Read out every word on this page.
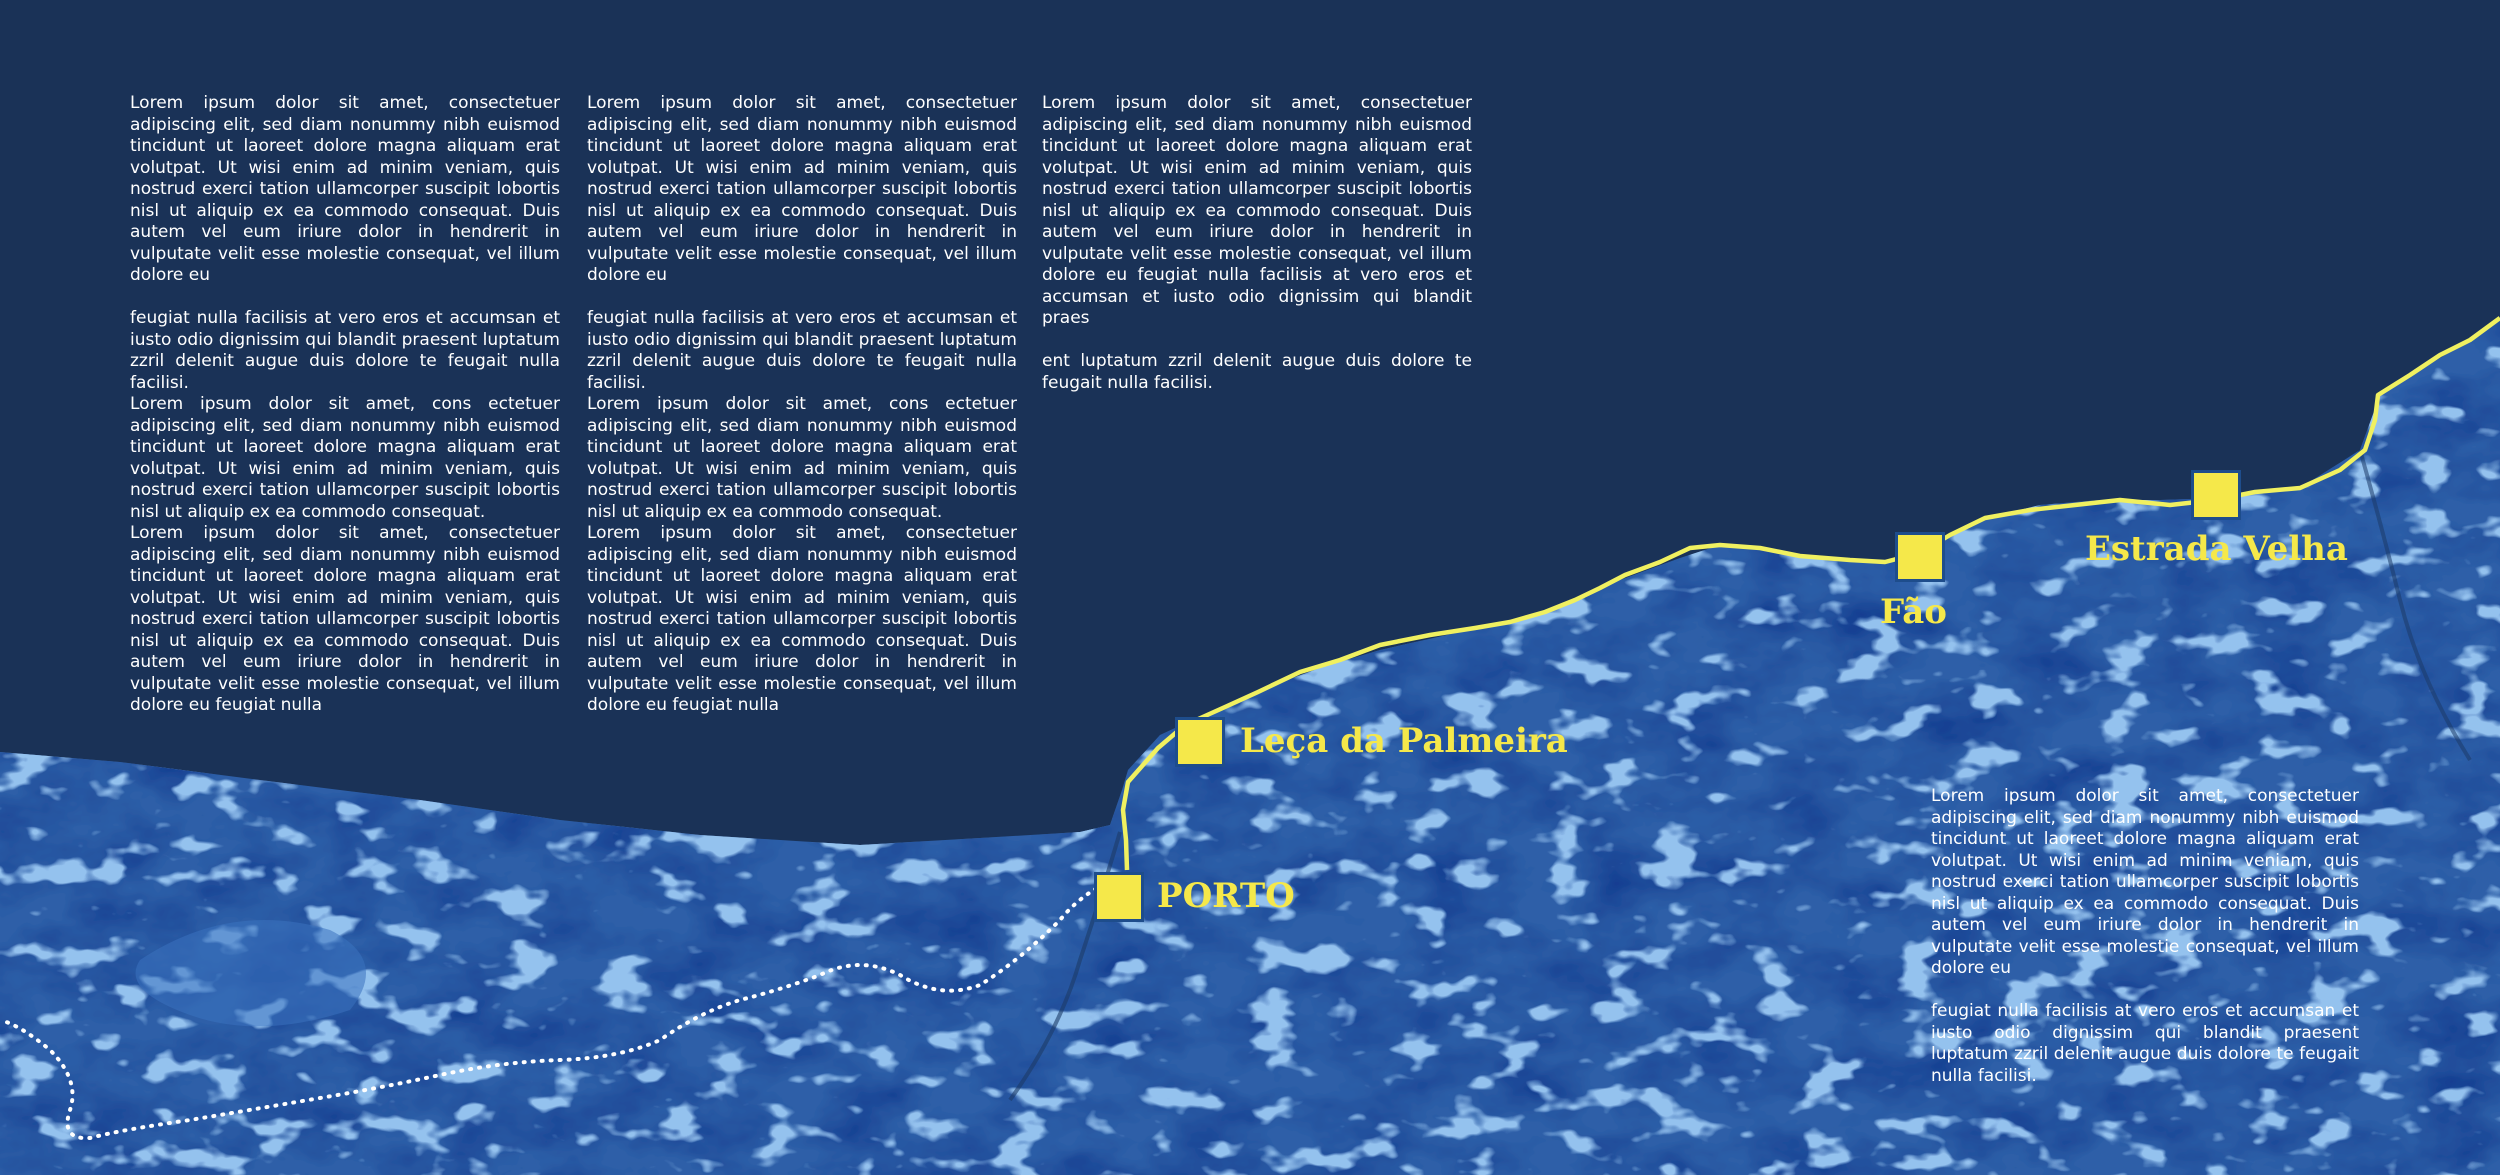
Lorem ipsum dolor sit amet, consectetuer adipiscing elit, sed diam nonummy nibh euismod tincidunt ut laoreet dolore magna aliquam erat volutpat. Ut wisi enim ad minim veniam, quis nostrud exerci tation ullamcorper suscipit lobortis nisl ut aliquip ex ea commodo consequat. Duis autem vel eum iriure dolor in hendrerit in vulputate velit esse molestie consequat, vel illum dolore eu

feugiat nulla facilisis at vero eros et accumsan et iusto odio dignissim qui blandit praesent luptatum zzril delenit augue duis dolore te feugait nulla facilisi.

Lorem ipsum dolor sit amet, cons ectetuer adipiscing elit, sed diam nonummy nibh euismod tincidunt ut laoreet dolore magna aliquam erat volutpat. Ut wisi enim ad minim veniam, quis nostrud exerci tation ullamcorper suscipit lobortis nisl ut aliquip ex ea commodo consequat.

Lorem ipsum dolor sit amet, consectetuer adipiscing elit, sed diam nonummy nibh euismod tincidunt ut laoreet dolore magna aliquam erat volutpat. Ut wisi enim ad minim veniam, quis nostrud exerci tation ullamcorper suscipit lobortis nisl ut aliquip ex ea commodo consequat. Duis autem vel eum iriure dolor in hendrerit in vulputate velit esse molestie consequat, vel illum dolore eu feugiat nulla

Lorem ipsum dolor sit amet, consectetuer adipiscing elit, sed diam nonummy nibh euismod tincidunt ut laoreet dolore magna aliquam erat volutpat. Ut wisi enim ad minim veniam, quis nostrud exerci tation ullamcorper suscipit lobortis nisl ut aliquip ex ea commodo consequat. Duis autem vel eum iriure dolor in hendrerit in vulputate velit esse molestie consequat, vel illum dolore eu

feugiat nulla facilisis at vero eros et accumsan et iusto odio dignissim qui blandit praesent luptatum zzril delenit augue duis dolore te feugait nulla facilisi.

Lorem ipsum dolor sit amet, cons ectetuer adipiscing elit, sed diam nonummy nibh euismod tincidunt ut laoreet dolore magna aliquam erat volutpat. Ut wisi enim ad minim veniam, quis nostrud exerci tation ullamcorper suscipit lobortis nisl ut aliquip ex ea commodo consequat.

Lorem ipsum dolor sit amet, consectetuer adipiscing elit, sed diam nonummy nibh euismod tincidunt ut laoreet dolore magna aliquam erat volutpat. Ut wisi enim ad minim veniam, quis nostrud exerci tation ullamcorper suscipit lobortis nisl ut aliquip ex ea commodo consequat. Duis autem vel eum iriure dolor in hendrerit in vulputate velit esse molestie consequat, vel illum dolore eu feugiat nulla

Lorem ipsum dolor sit amet, consectetuer adipiscing elit, sed diam nonummy nibh euismod tincidunt ut laoreet dolore magna aliquam erat volutpat. Ut wisi enim ad minim veniam, quis nostrud exerci tation ullamcorper suscipit lobortis nisl ut aliquip ex ea commodo consequat. Duis autem vel eum iriure dolor in hendrerit in vulputate velit esse molestie consequat, vel illum dolore eu feugiat nulla facilisis at vero eros et accumsan et iusto odio dignissim qui blandit praes

ent luptatum zzril delenit augue duis dolore te feugait nulla facilisi.

Lorem ipsum dolor sit amet, consectetuer adipiscing elit, sed diam nonummy nibh euismod tincidunt ut laoreet dolore magna aliquam erat volutpat. Ut wisi enim ad minim veniam, quis nostrud exerci tation ullamcorper suscipit lobortis nisl ut aliquip ex ea commodo consequat. Duis autem vel eum iriure dolor in hendrerit in vulputate velit esse molestie consequat, vel illum dolore eu

feugiat nulla facilisis at vero eros et accumsan et iusto odio dignissim qui blandit praesent luptatum zzril delenit augue duis dolore te feugait nulla facilisi.

Estrada Velha
Fão
Leça da Palmeira
PORTO
